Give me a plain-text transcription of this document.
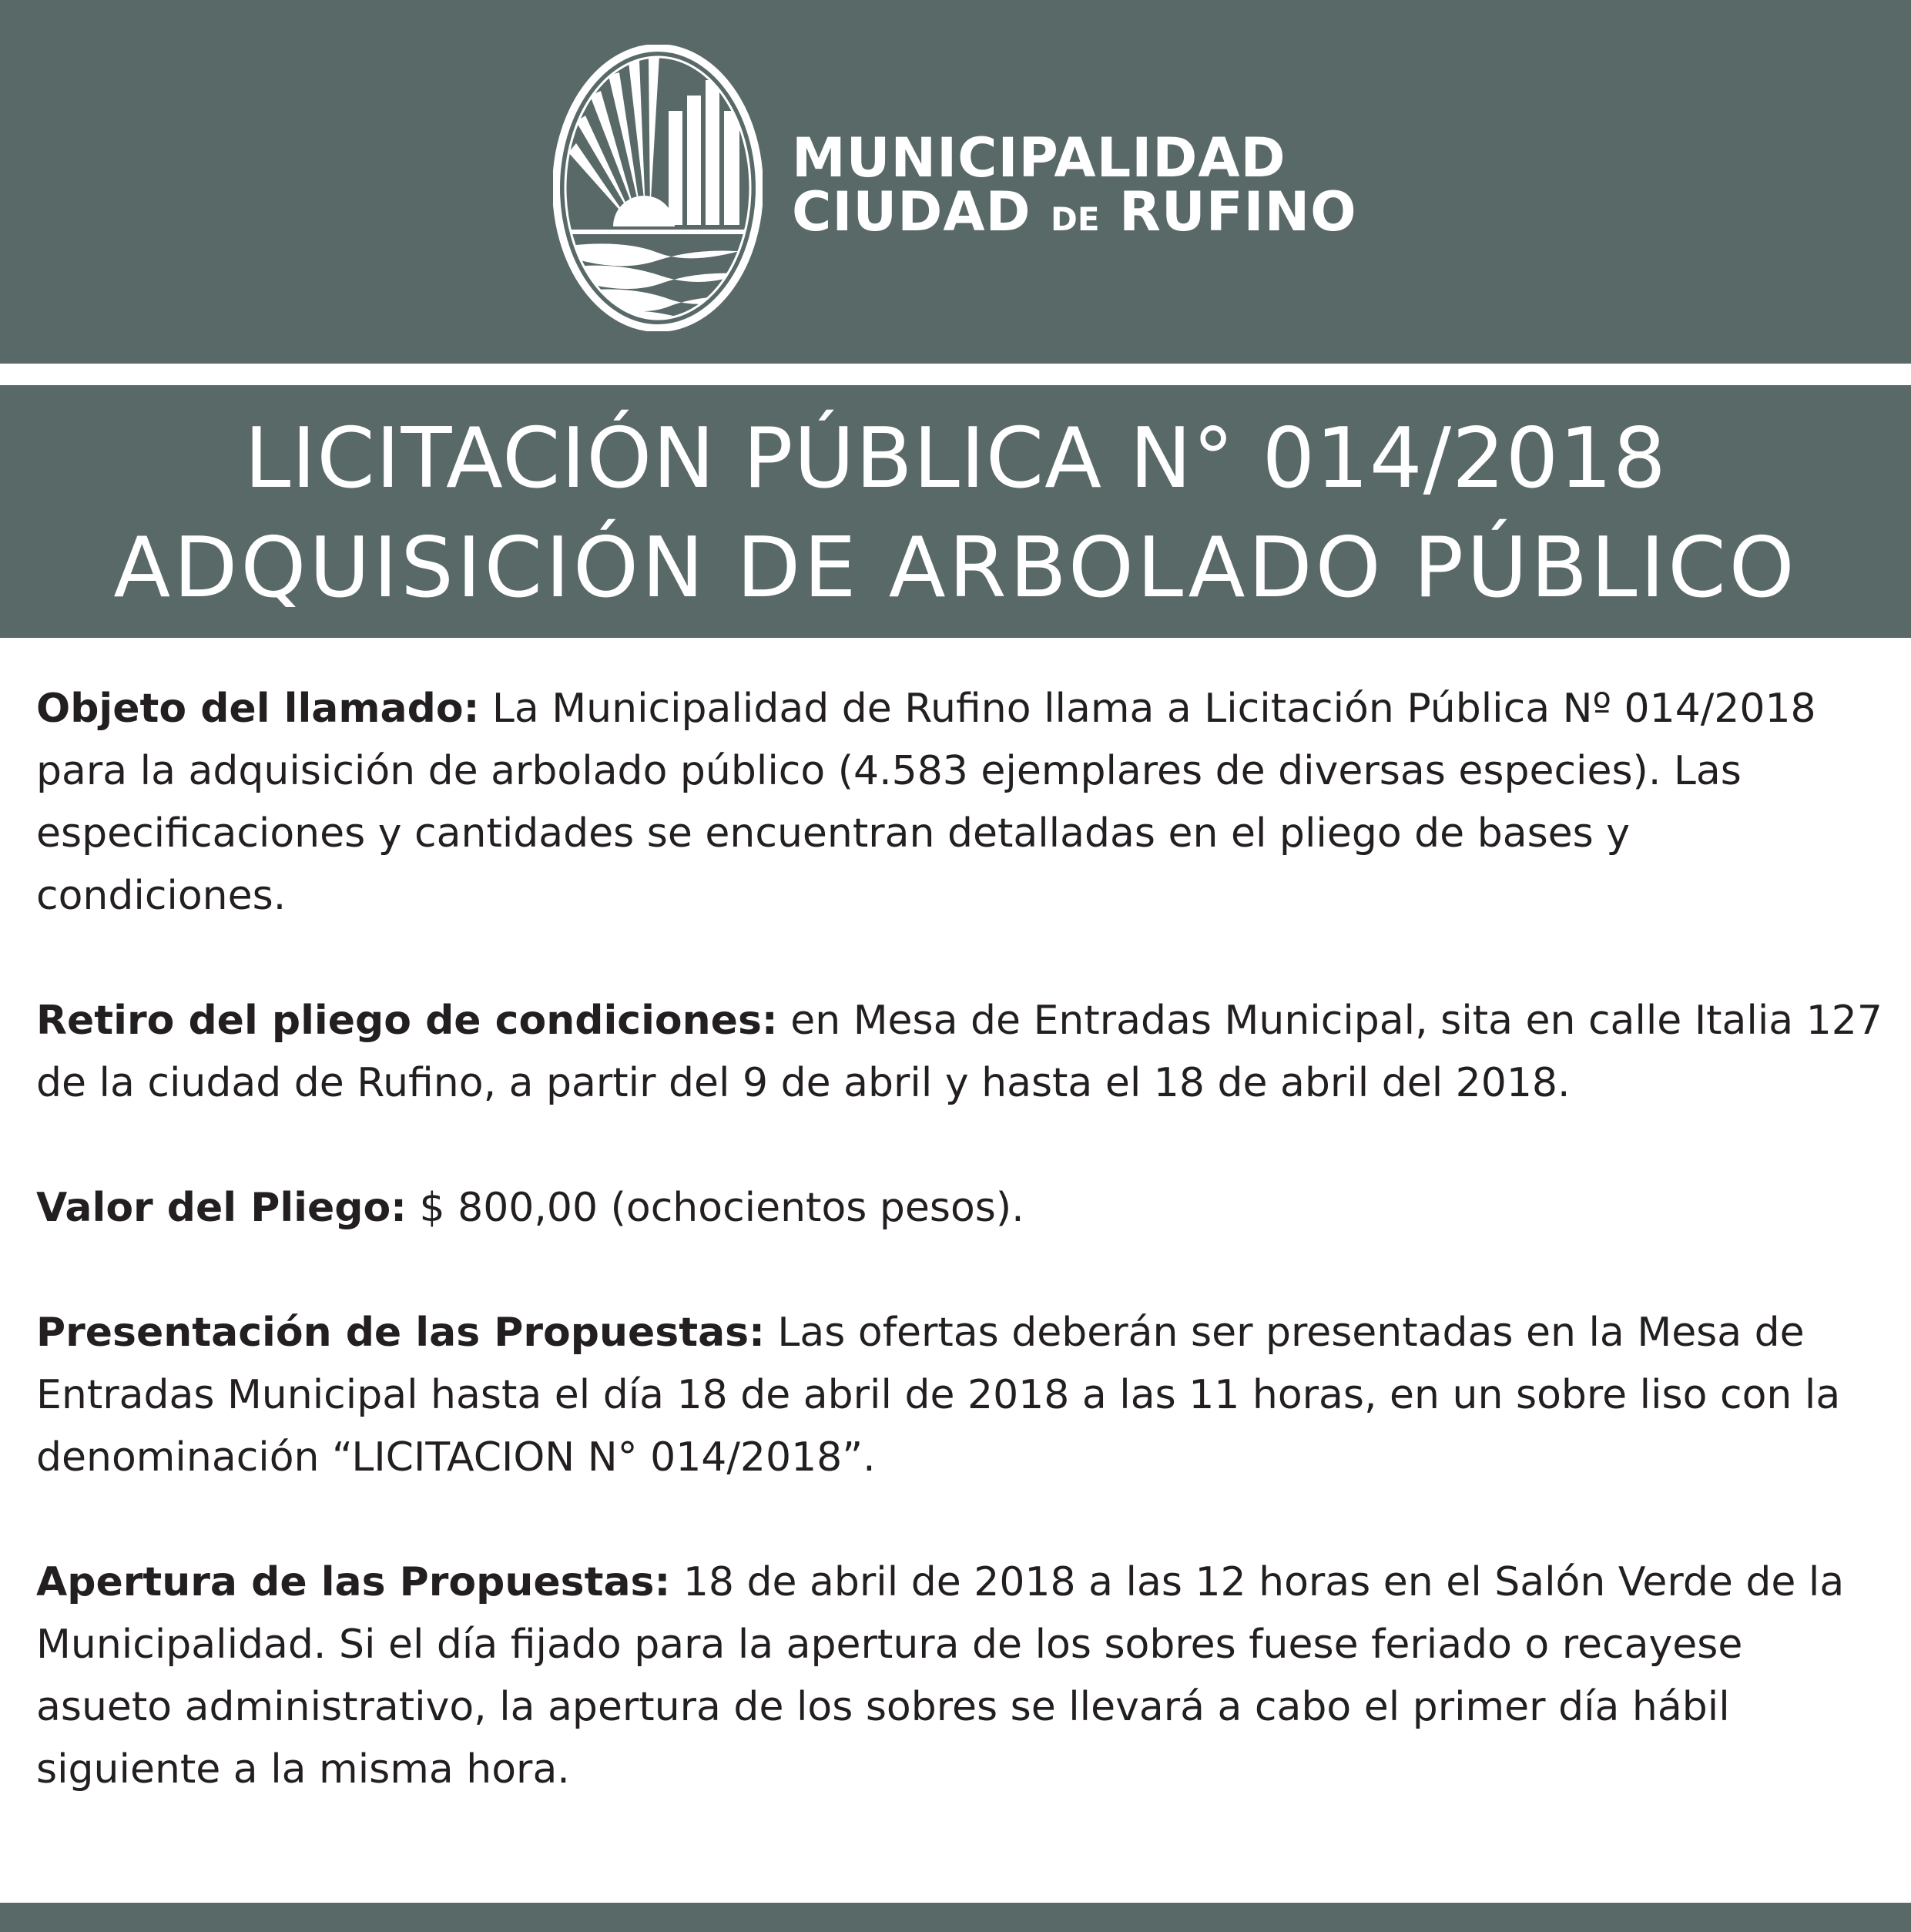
MUNICIPALIDAD
CIUDAD DE RUFINO
LICITACIÓN PÚBLICA N° 014/2018
ADQUISICIÓN DE ARBOLADO PÚBLICO

Objeto del llamado: La Municipalidad de Rufino llama a Licitación Pública Nº 014/2018 para la adquisición de arbolado público (4.583 ejemplares de diversas especies). Las especificaciones y cantidades se encuentran detalladas en el pliego de bases y condiciones.

Retiro del pliego de condiciones: en Mesa de Entradas Municipal, sita en calle Italia 127 de la ciudad de Rufino, a partir del 9 de abril y hasta el 18 de abril del 2018.

Valor del Pliego: $ 800,00 (ochocientos pesos).

Presentación de las Propuestas: Las ofertas deberán ser presentadas en la Mesa de Entradas Municipal hasta el día 18 de abril de 2018 a las 11 horas, en un sobre liso con la denominación “LICITACION N° 014/2018”.

Apertura de las Propuestas: 18 de abril de 2018 a las 12 horas en el Salón Verde de la Municipalidad. Si el día fijado para la apertura de los sobres fuese feriado o recayese asueto administrativo, la apertura de los sobres se llevará a cabo el primer día hábil siguiente a la misma hora.
